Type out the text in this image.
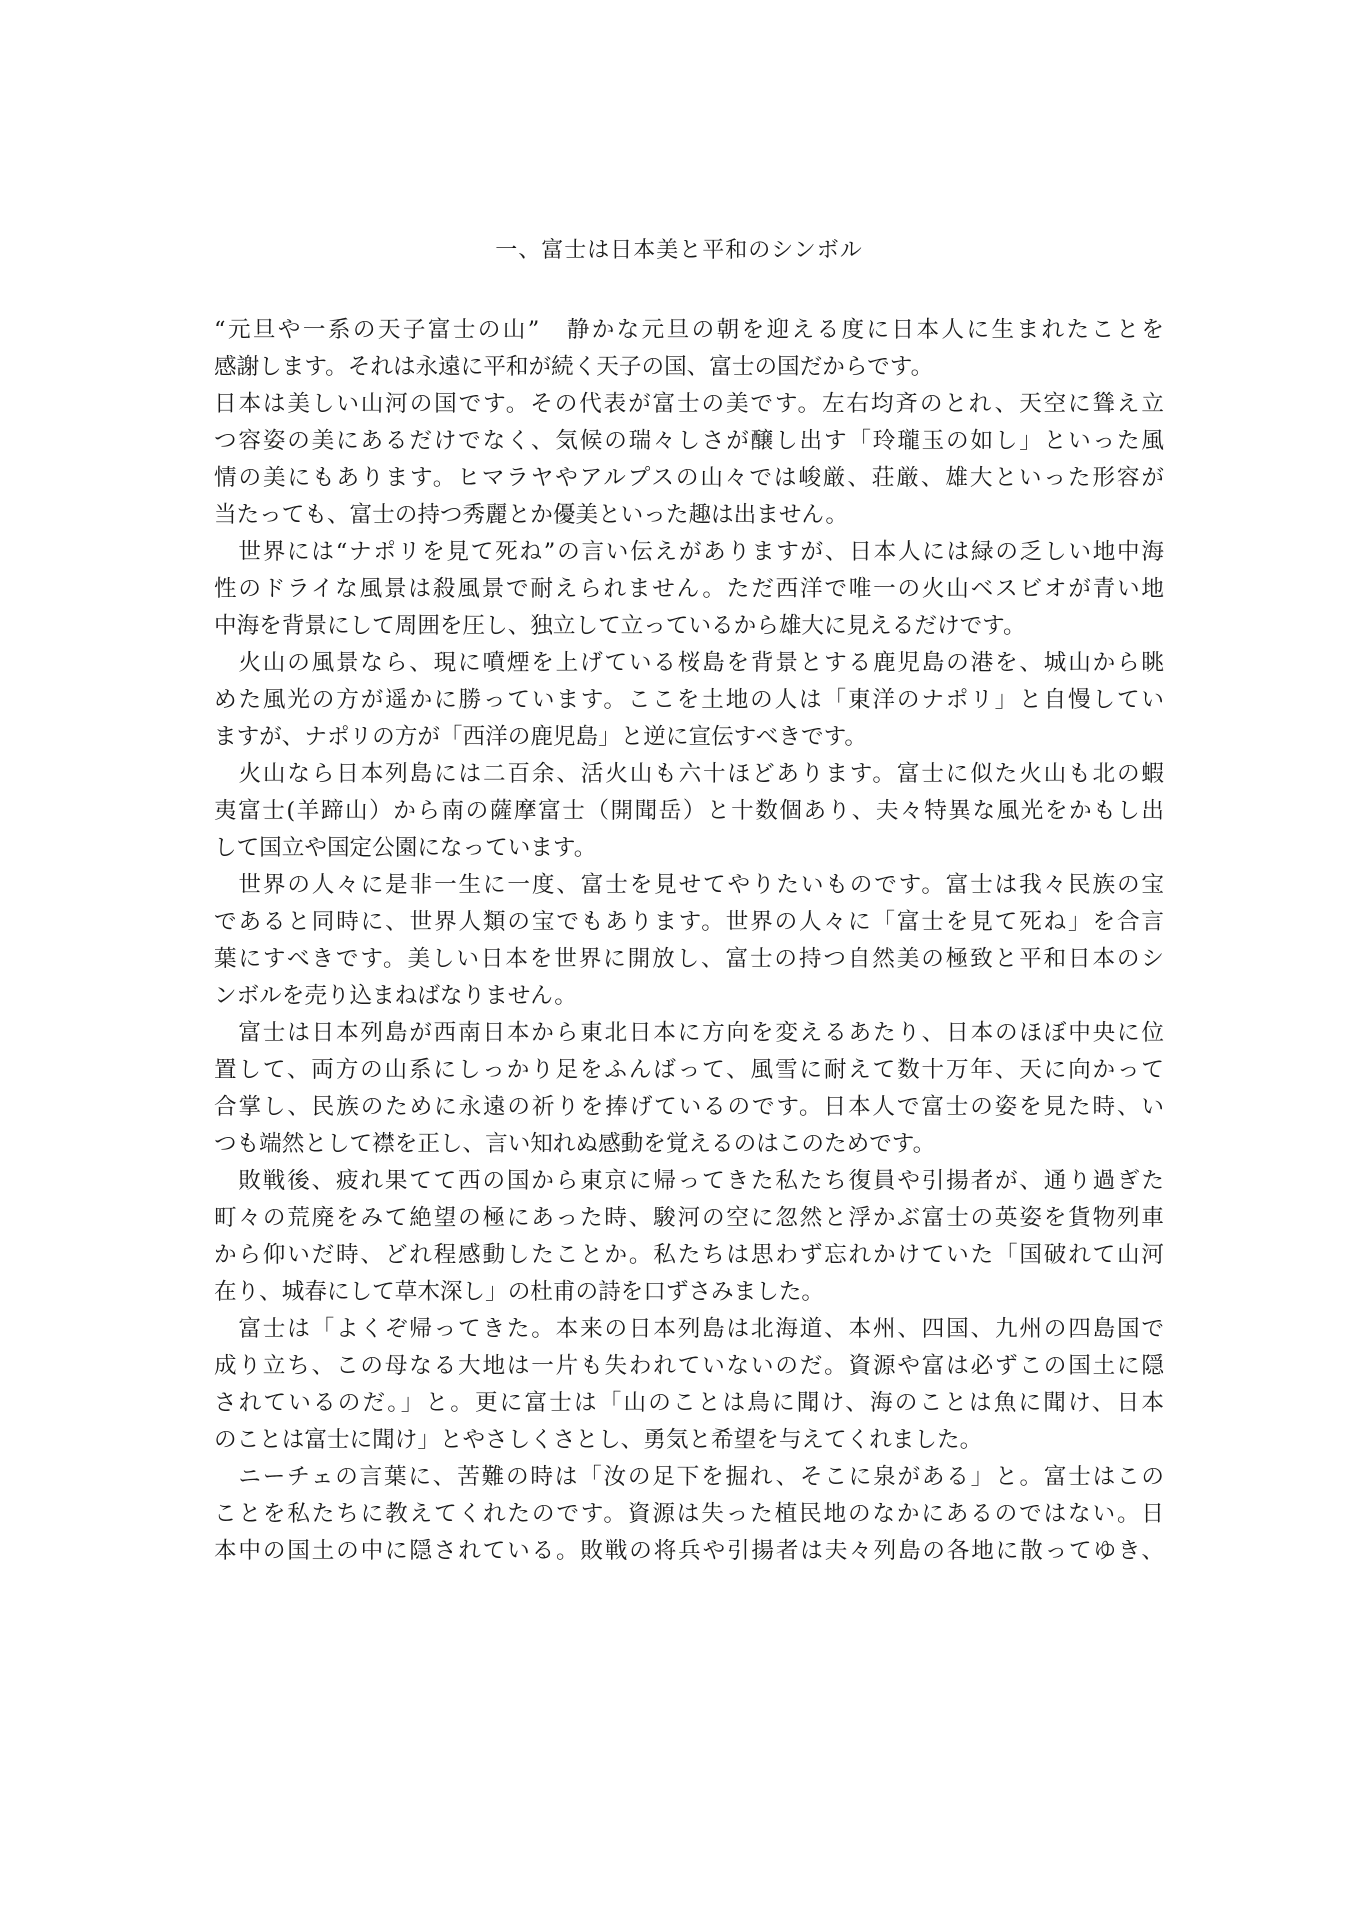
一、富士は日本美と平和のシンボル
“元旦や一系の天子富士の山”　静かな元旦の朝を迎える度に日本人に生まれたことを
感謝します。それは永遠に平和が続く天子の国、富士の国だからです。
日本は美しい山河の国です。その代表が富士の美です。左右均斉のとれ、天空に聳え立
つ容姿の美にあるだけでなく、気候の瑞々しさが醸し出す「玲瓏玉の如し」といった風
情の美にもあります。ヒマラヤやアルプスの山々では峻厳、荘厳、雄大といった形容が
当たっても、富士の持つ秀麗とか優美といった趣は出ません。
　世界には“ナポリを見て死ね”の言い伝えがありますが、日本人には緑の乏しい地中海
性のドライな風景は殺風景で耐えられません。ただ西洋で唯一の火山ベスビオが青い地
中海を背景にして周囲を圧し、独立して立っているから雄大に見えるだけです。
　火山の風景なら、現に噴煙を上げている桜島を背景とする鹿児島の港を、城山から眺
めた風光の方が遥かに勝っています。ここを土地の人は「東洋のナポリ」と自慢してい
ますが、ナポリの方が「西洋の鹿児島」と逆に宣伝すべきです。
　火山なら日本列島には二百余、活火山も六十ほどあります。富士に似た火山も北の蝦
夷富士(羊蹄山）から南の薩摩富士（開聞岳）と十数個あり、夫々特異な風光をかもし出
して国立や国定公園になっています。
　世界の人々に是非一生に一度、富士を見せてやりたいものです。富士は我々民族の宝
であると同時に、世界人類の宝でもあります。世界の人々に「富士を見て死ね」を合言
葉にすべきです。美しい日本を世界に開放し、富士の持つ自然美の極致と平和日本のシ
ンボルを売り込まねばなりません。
　富士は日本列島が西南日本から東北日本に方向を変えるあたり、日本のほぼ中央に位
置して、両方の山系にしっかり足をふんばって、風雪に耐えて数十万年、天に向かって
合掌し、民族のために永遠の祈りを捧げているのです。日本人で富士の姿を見た時、い
つも端然として襟を正し、言い知れぬ感動を覚えるのはこのためです。
　敗戦後、疲れ果てて西の国から東京に帰ってきた私たち復員や引揚者が、通り過ぎた
町々の荒廃をみて絶望の極にあった時、駿河の空に忽然と浮かぶ富士の英姿を貨物列車
から仰いだ時、どれ程感動したことか。私たちは思わず忘れかけていた「国破れて山河
在り、城春にして草木深し」の杜甫の詩を口ずさみました。
　富士は「よくぞ帰ってきた。本来の日本列島は北海道、本州、四国、九州の四島国で
成り立ち、この母なる大地は一片も失われていないのだ。資源や富は必ずこの国土に隠
されているのだ。」と。更に富士は「山のことは鳥に聞け、海のことは魚に聞け、日本
のことは富士に聞け」とやさしくさとし、勇気と希望を与えてくれました。
　ニーチェの言葉に、苦難の時は「汝の足下を掘れ、そこに泉がある」と。富士はこの
ことを私たちに教えてくれたのです。資源は失った植民地のなかにあるのではない。日
本中の国土の中に隠されている。敗戦の将兵や引揚者は夫々列島の各地に散ってゆき、
